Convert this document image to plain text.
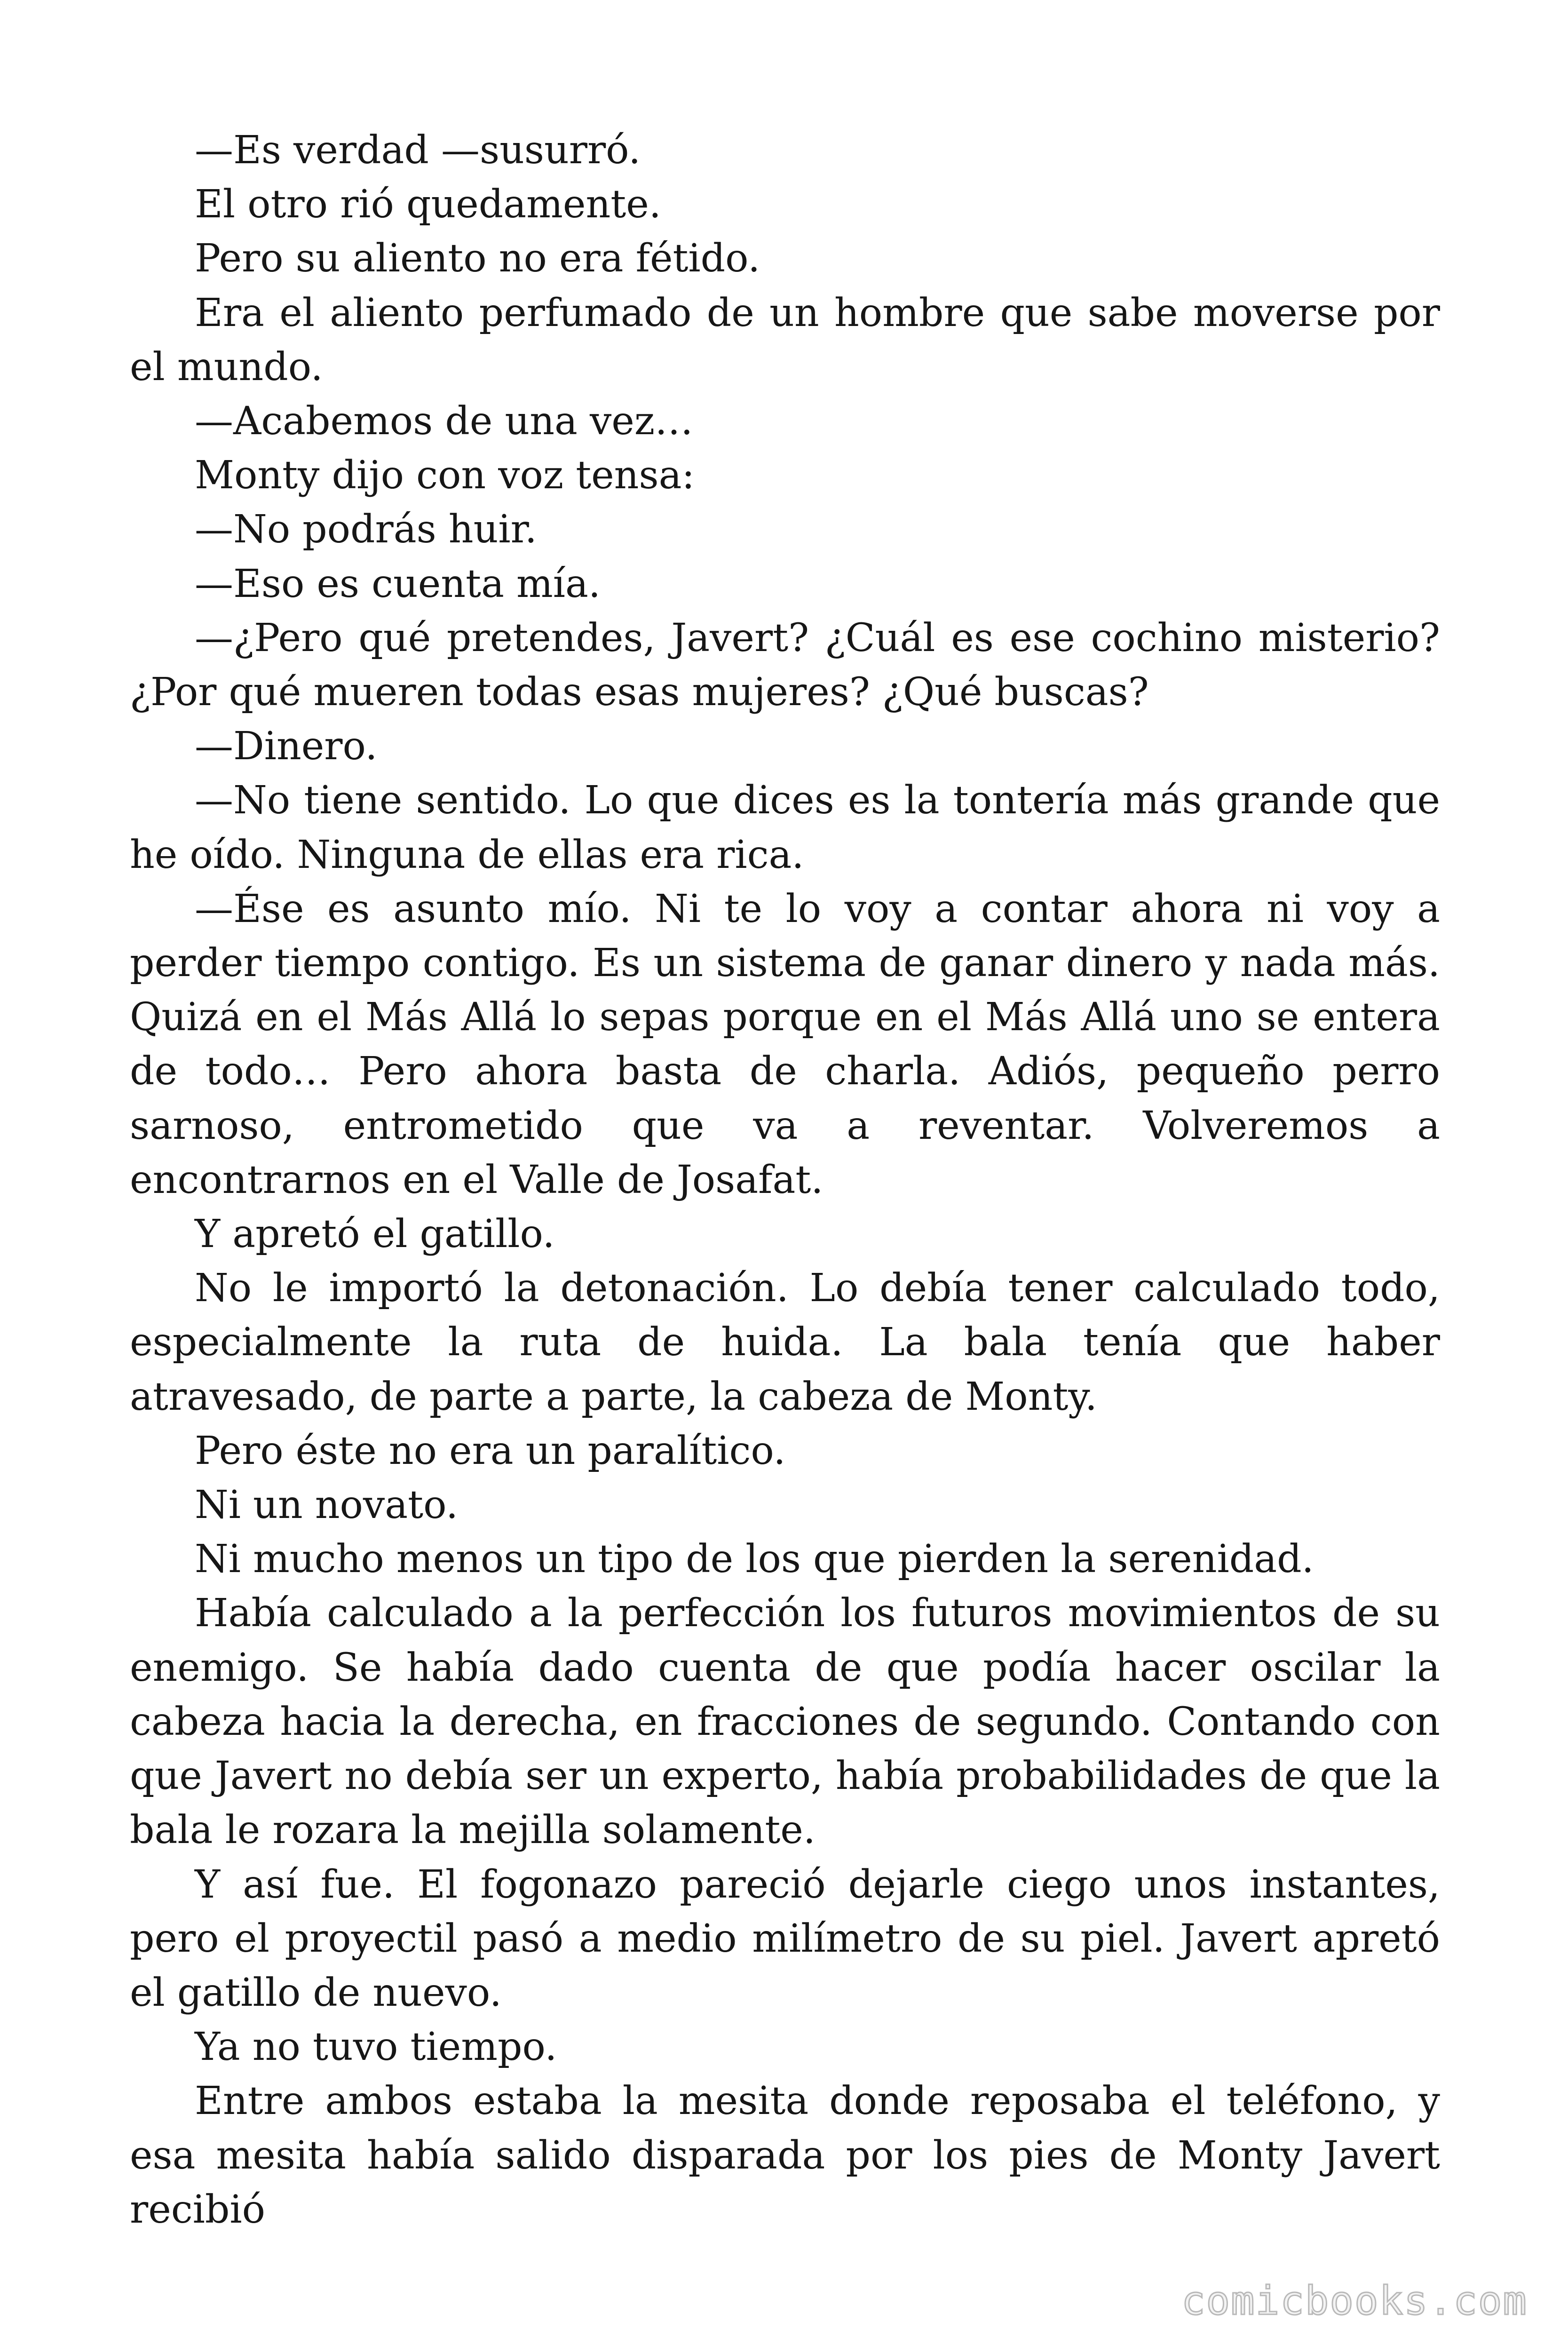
—Es verdad —susurró.

El otro rió quedamente.

Pero su aliento no era fétido.

Era el aliento perfumado de un hombre que sabe moverse por el mundo.

—Acabemos de una vez…

Monty dijo con voz tensa:

—No podrás huir.

—Eso es cuenta mía.

—¿Pero qué pretendes, Javert? ¿Cuál es ese cochino misterio? ¿Por qué mueren todas esas mujeres? ¿Qué buscas?

—Dinero.

—No tiene sentido. Lo que dices es la tontería más grande que he oído. Ninguna de ellas era rica.

—Ése es asunto mío. Ni te lo voy a contar ahora ni voy a perder tiempo contigo. Es un sistema de ganar dinero y nada más. Quizá en el Más Allá lo sepas porque en el Más Allá uno se entera de todo… Pero ahora basta de charla. Adiós, pequeño perro sarnoso, entrometido que va a reventar. Volveremos a encontrarnos en el Valle de Josafat.

Y apretó el gatillo.

No le importó la detonación. Lo debía tener calculado todo, especialmente la ruta de huida. La bala tenía que haber atravesado, de parte a parte, la cabeza de Monty.

Pero éste no era un paralítico.

Ni un novato.

Ni mucho menos un tipo de los que pierden la serenidad.

Había calculado a la perfección los futuros movimientos de su enemigo. Se había dado cuenta de que podía hacer oscilar la cabeza hacia la derecha, en fracciones de segundo. Contando con que Javert no debía ser un experto, había probabilidades de que la bala le rozara la mejilla solamente.

Y así fue. El fogonazo pareció dejarle ciego unos instantes, pero el proyectil pasó a medio milímetro de su piel. Javert apretó el gatillo de nuevo.

Ya no tuvo tiempo.

Entre ambos estaba la mesita donde reposaba el teléfono, y esa mesita había salido disparada por los pies de Monty Javert recibió

comicbooks.com
